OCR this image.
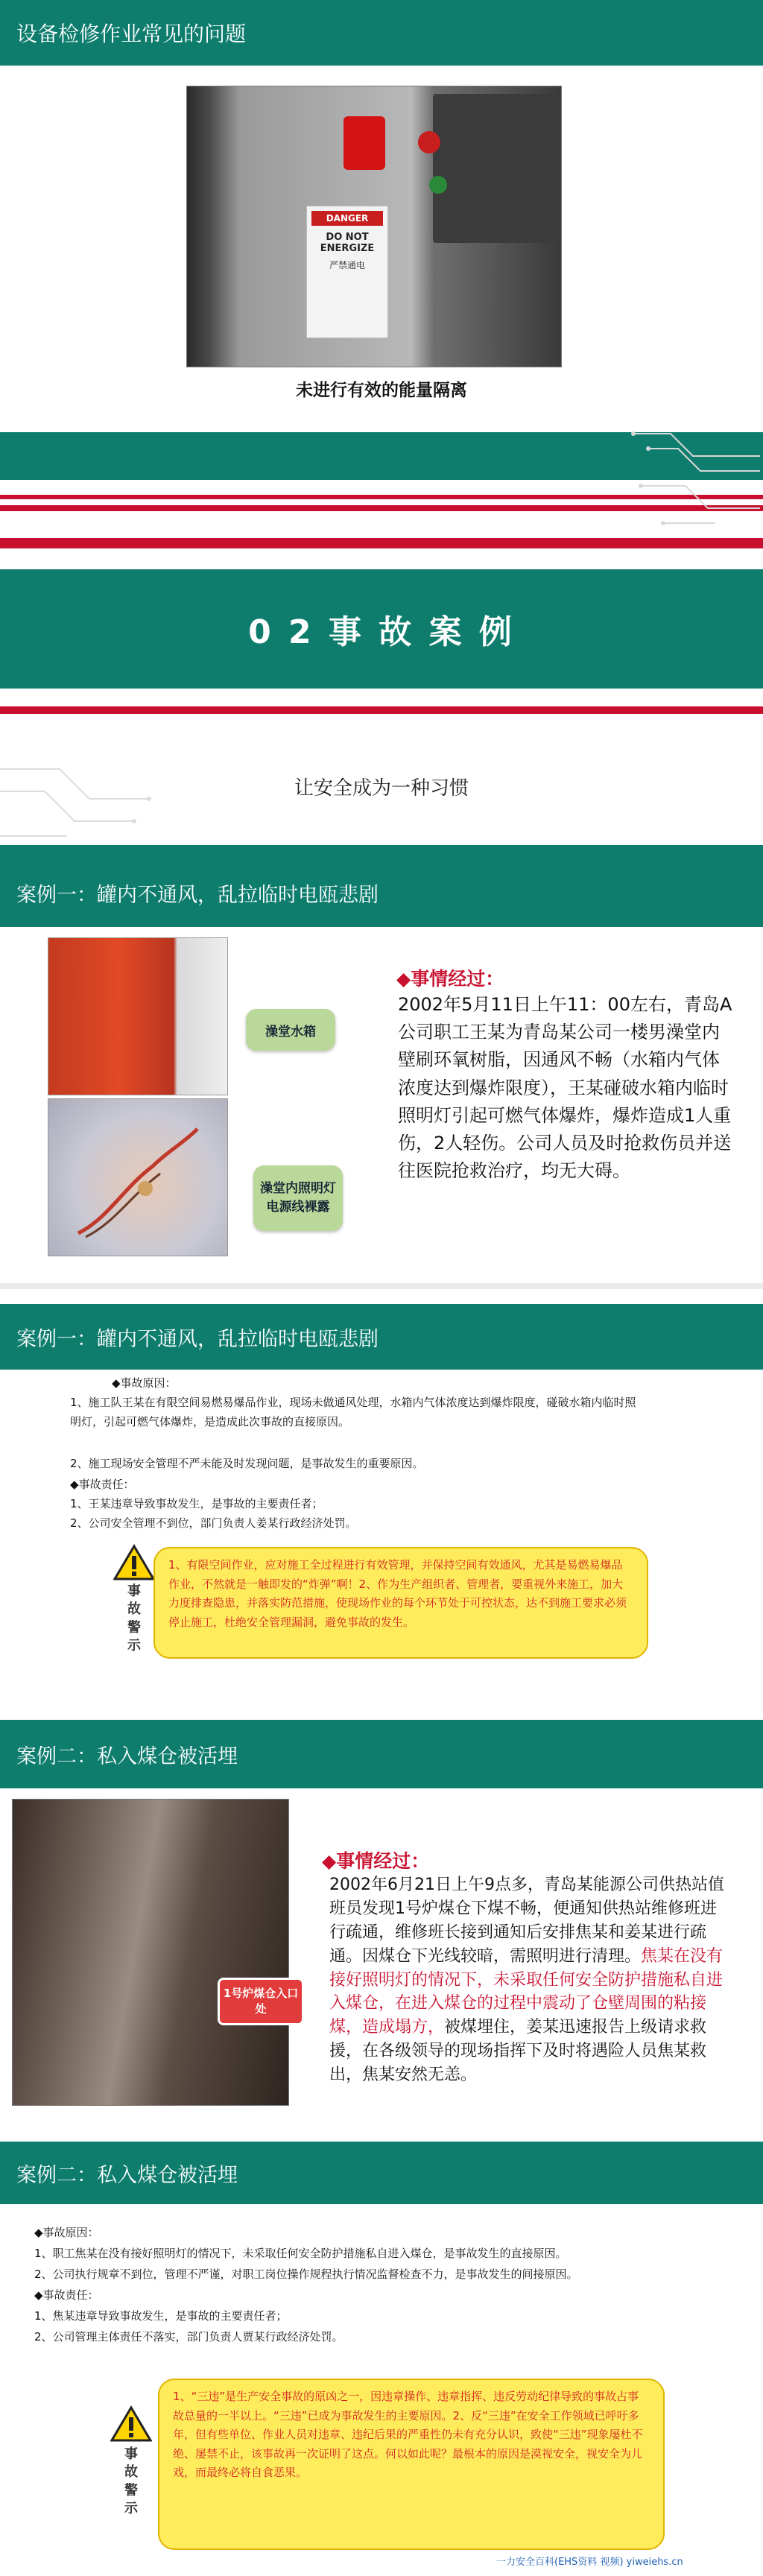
设备检修作业常见的问题
DANGER
DO NOT ENERGIZE
严禁通电
未进行有效的能量隔离
0 2 事 故 案 例
让安全成为一种习惯
案例一：罐内不通风，乱拉临时电瓯悲剧
澡堂水箱
澡堂内照明灯电源线裸露
◆事情经过：
2002年5月11日上午11：00左右，青岛A公司职工王某为青岛某公司一楼男澡堂内壁刷环氧树脂，因通风不畅（水箱内气体浓度达到爆炸限度），王某碰破水箱内临时照明灯引起可燃气体爆炸，爆炸造成1人重伤，2人轻伤。公司人员及时抢救伤员并送往医院抢救治疗，均无大碍。
案例一：罐内不通风，乱拉临时电瓯悲剧
◆事故原因：
1、施工队王某在有限空间易燃易爆品作业，现场未做通风处理，水箱内气体浓度达到爆炸限度，碰破水箱内临时照明灯，引起可燃气体爆炸，是造成此次事故的直接原因。
2、施工现场安全管理不严未能及时发现问题，是事故发生的重要原因。
◆事故责任：
1、王某违章导致事故发生，是事故的主要责任者；
2、公司安全管理不到位，部门负责人姜某行政经济处罚。
事故警示
1、有限空间作业，应对施工全过程进行有效管理，并保持空间有效通风，尤其是易燃易爆品作业，不然就是一触即发的“炸弹”啊！2、作为生产组织者、管理者，要重视外来施工，加大力度排查隐患，并落实防范措施，使现场作业的每个环节处于可控状态，达不到施工要求必须停止施工，杜绝安全管理漏洞，避免事故的发生。
案例二：私入煤仓被活埋
1号炉煤仓入口处
◆事情经过：
2002年6月21日上午9点多，青岛某能源公司供热站值班员发现1号炉煤仓下煤不畅，便通知供热站维修班进行疏通，维修班长接到通知后安排焦某和姜某进行疏通。因煤仓下光线较暗，需照明进行清理。焦某在没有接好照明灯的情况下，未采取任何安全防护措施私自进入煤仓，在进入煤仓的过程中震动了仓壁周围的粘接煤，造成塌方，被煤埋住，姜某迅速报告上级请求救援，在各级领导的现场指挥下及时将遇险人员焦某救出，焦某安然无恙。
案例二：私入煤仓被活埋
◆事故原因：
1、职工焦某在没有接好照明灯的情况下，未采取任何安全防护措施私自进入煤仓，是事故发生的直接原因。
2、公司执行规章不到位，管理不严谨，对职工岗位操作规程执行情况监督检查不力，是事故发生的间接原因。
◆事故责任：
1、焦某违章导致事故发生，是事故的主要责任者；
2、公司管理主体责任不落实，部门负责人贾某行政经济处罚。
事故警示
1、“三违”是生产安全事故的原凶之一，因违章操作、违章指挥、违反劳动纪律导致的事故占事故总量的一半以上。“三违”已成为事故发生的主要原因。2、反“三违”在安全工作领域已呼吁多年，但有些单位、作业人员对违章、违纪后果的严重性仍未有充分认识，致使“三违”现象屡杜不绝、屡禁不止，该事故再一次证明了这点。何以如此呢？最根本的原因是漠视安全，视安全为儿戏，而最终必将自食恶果。
一力安全百科(EHS资料 视频) yiweiehs.cn
